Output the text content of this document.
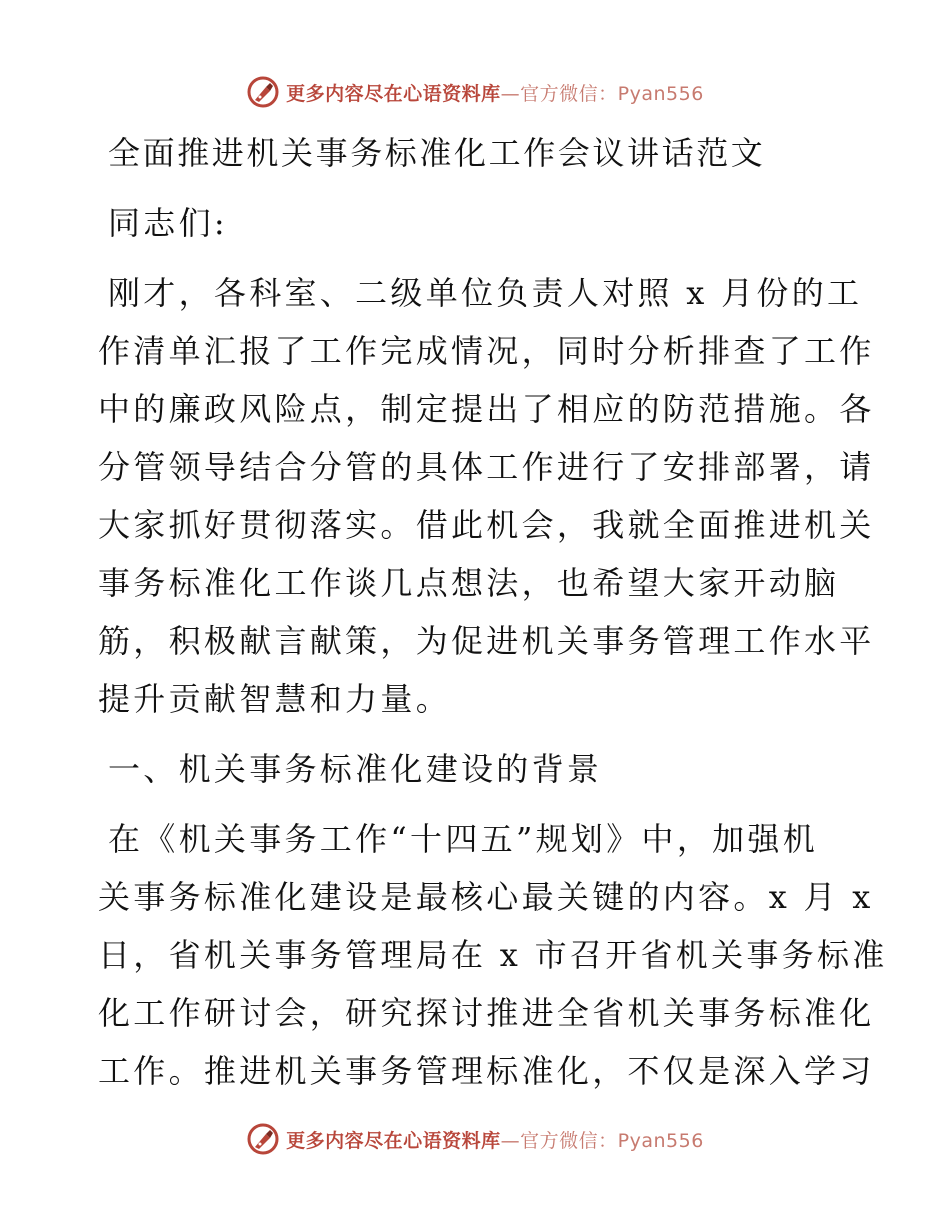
更多内容尽在心语资料库—官方微信：Pyan556
全面推进机关事务标准化工作会议讲话范文
同志们:
刚才，各科室、二级单位负责人对照 x 月份的工
作清单汇报了工作完成情况，同时分析排查了工作
中的廉政风险点，制定提出了相应的防范措施。各
分管领导结合分管的具体工作进行了安排部署，请
大家抓好贯彻落实。借此机会，我就全面推进机关
事务标准化工作谈几点想法，也希望大家开动脑
筋，积极献言献策，为促进机关事务管理工作水平
提升贡献智慧和力量。
一、机关事务标准化建设的背景
在《机关事务工作“十四五”规划》中，加强机
关事务标准化建设是最核心最关键的内容。x 月 x
日，省机关事务管理局在 x 市召开省机关事务标准
化工作研讨会，研究探讨推进全省机关事务标准化
工作。推进机关事务管理标准化，不仅是深入学习
更多内容尽在心语资料库—官方微信：Pyan556
